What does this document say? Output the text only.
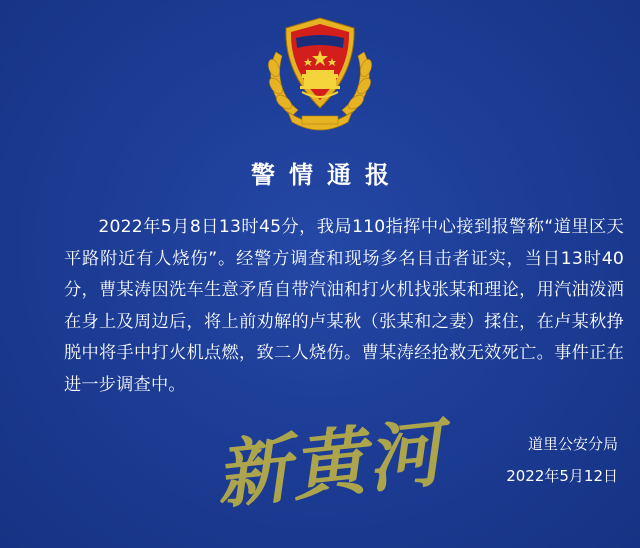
警情通报
2022年5月8日13时45分，我局110指挥中心接到报警称“道里区天平路附近有人烧伤”。经警方调查和现场多名目击者证实，当日13时40分，曹某涛因洗车生意矛盾自带汽油和打火机找张某和理论，用汽油泼洒在身上及周边后，将上前劝解的卢某秋（张某和之妻）揉住，在卢某秋挣脱中将手中打火机点燃，致二人烧伤。曹某涛经抢救无效死亡。事件正在进一步调查中。
新黄河	道里公安分局
2022年5月12日
